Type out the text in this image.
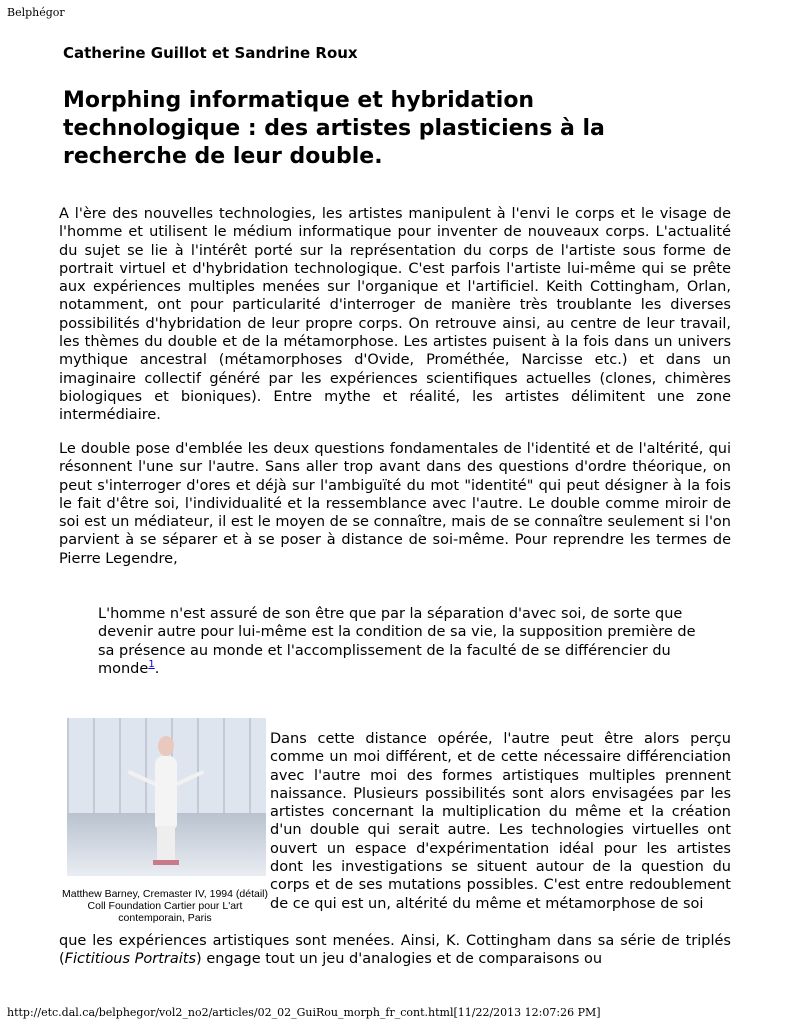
Belphégor
Catherine Guillot et Sandrine Roux
Morphing informatique et hybridation technologique : des artistes plasticiens à la recherche de leur double.

A l'ère des nouvelles technologies, les artistes manipulent à l'envi le corps et le visage de l'homme et utilisent le médium informatique pour inventer de nouveaux corps. L'actualité du sujet se lie à l'intérêt porté sur la représentation du corps de l'artiste sous forme de portrait virtuel et d'hybridation technologique. C'est parfois l'artiste lui-même qui se prête aux expériences multiples menées sur l'organique et l'artificiel. Keith Cottingham, Orlan, notamment, ont pour particularité d'interroger de manière très troublante les diverses possibilités d'hybridation de leur propre corps. On retrouve ainsi, au centre de leur travail, les thèmes du double et de la métamorphose. Les artistes puisent à la fois dans un univers mythique ancestral (métamorphoses d'Ovide, Prométhée, Narcisse etc.) et dans un imaginaire collectif généré par les expériences scientifiques actuelles (clones, chimères biologiques et bioniques). Entre mythe et réalité, les artistes délimitent une zone intermédiaire.

Le double pose d'emblée les deux questions fondamentales de l'identité et de l'altérité, qui résonnent l'une sur l'autre. Sans aller trop avant dans des questions d'ordre théorique, on peut s'interroger d'ores et déjà sur l'ambiguïté du mot "identité" qui peut désigner à la fois le fait d'être soi, l'individualité et la ressemblance avec l'autre. Le double comme miroir de soi est un médiateur, il est le moyen de se connaître, mais de se connaître seulement si l'on parvient à se séparer et à se poser à distance de soi-même. Pour reprendre les termes de Pierre Legendre,

L'homme n'est assuré de son être que par la séparation d'avec soi, de sorte que devenir autre pour lui-même est la condition de sa vie, la supposition première de sa présence au monde et l'accomplissement de la faculté de se différencier du monde$^1$.

Matthew Barney, Cremaster IV, 1994 (détail) Coll Foundation Cartier pour L'art contemporain, Paris

Dans cette distance opérée, l'autre peut être alors perçu comme un moi différent, et de cette nécessaire différenciation avec l'autre moi des formes artistiques multiples prennent naissance. Plusieurs possibilités sont alors envisagées par les artistes concernant la multiplication du même et la création d'un double qui serait autre. Les technologies virtuelles ont ouvert un espace d'expérimentation idéal pour les artistes dont les investigations se situent autour de la question du corps et de ses mutations possibles. C'est entre redoublement de ce qui est un, altérité du même et métamorphose de soi

que les expériences artistiques sont menées. Ainsi, K. Cottingham dans sa série de triplés (Fictitious Portraits) engage tout un jeu d'analogies et de comparaisons ou

http://etc.dal.ca/belphegor/vol2_no2/articles/02_02_GuiRou_morph_fr_cont.html[11/22/2013 12:07:26 PM]
